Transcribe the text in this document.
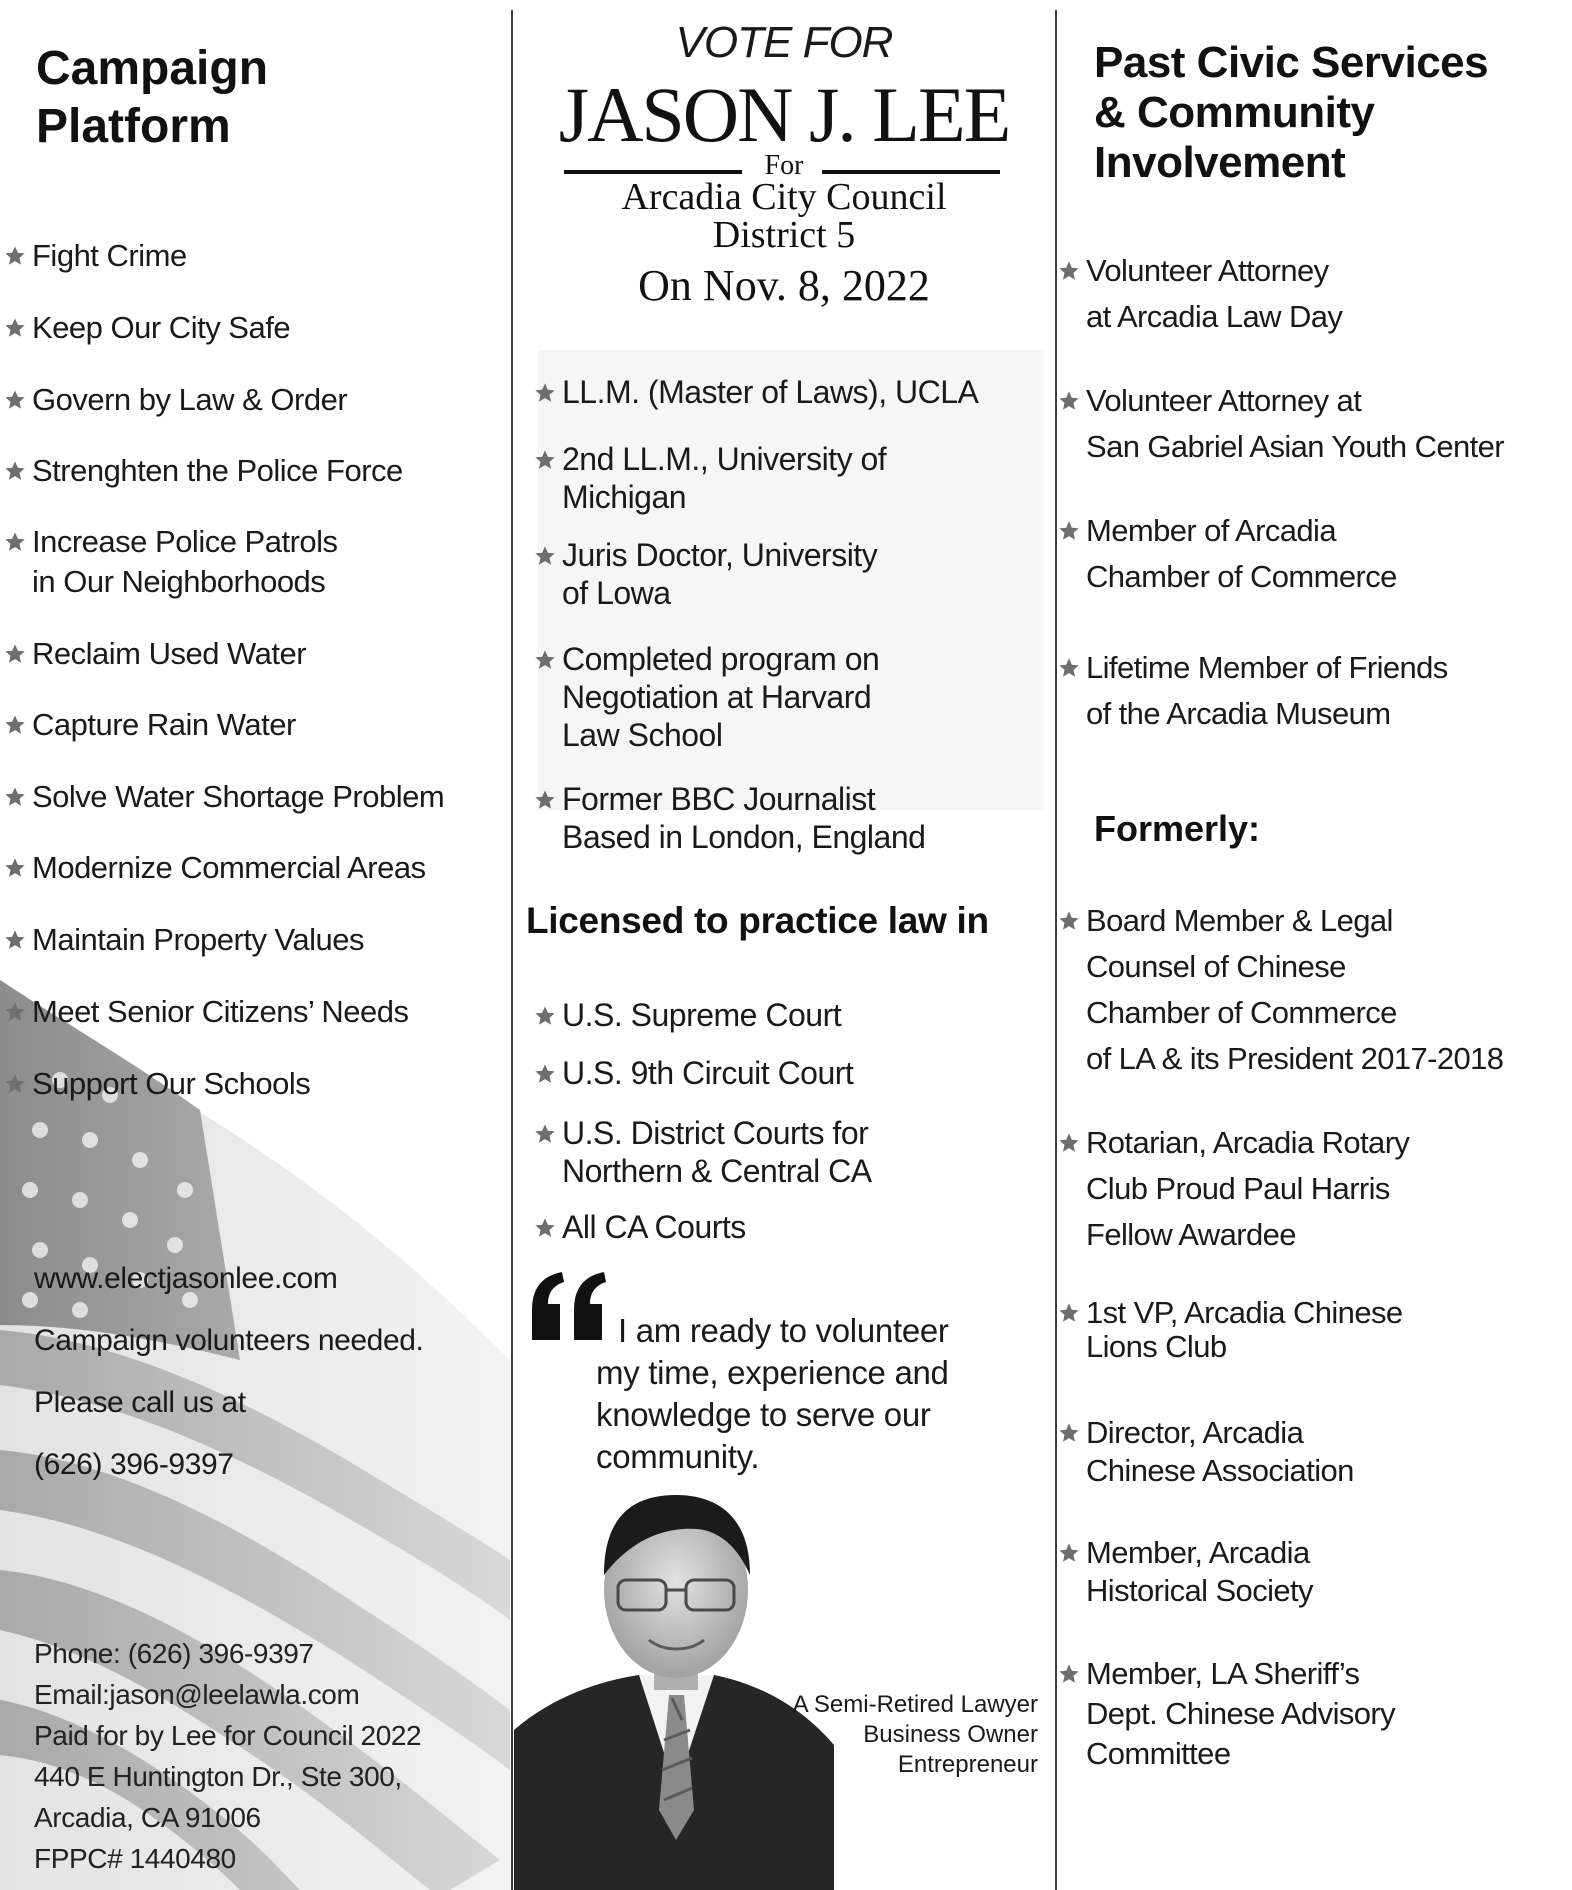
Campaign
Platform
Fight Crime
Keep Our City Safe
Govern by Law & Order
Strenghten the Police Force
Increase Police Patrols
in Our Neighborhoods
Reclaim Used Water
Capture Rain Water
Solve Water Shortage Problem
Modernize Commercial Areas
Maintain Property Values
Meet Senior Citizens’ Needs
Support Our Schools
www.electjasonlee.com
Campaign volunteers needed.
Please call us at
(626) 396-9397
Phone: (626) 396-9397
Email:jason@leelawla.com
Paid for by Lee for Council 2022
440 E Huntington Dr., Ste 300,
Arcadia, CA 91006
FPPC# 1440480
VOTE FOR
JASON J. LEE
For
Arcadia City Council
District 5
On Nov. 8, 2022
LL.M. (Master of Laws), UCLA
2nd LL.M., University of
Michigan
Juris Doctor, University
of Lowa
Completed program on
Negotiation at Harvard
Law School
Former BBC Journalist
Based in London, England
Licensed to practice law in
U.S. Supreme Court
U.S. 9th Circuit Court
U.S. District Courts for
Northern & Central CA
All CA Courts
I am ready to volunteer
my time, experience and
knowledge to serve our
community.
A Semi-Retired Lawyer
Business Owner
Entrepreneur
Past Civic Services
& Community
Involvement
Volunteer Attorney
at Arcadia Law Day
Volunteer Attorney at
San Gabriel Asian Youth Center
Member of Arcadia
Chamber of Commerce
Lifetime Member of Friends
of the Arcadia Museum
Formerly:
Board Member & Legal
Counsel of Chinese
Chamber of Commerce
of LA & its President 2017-2018
Rotarian, Arcadia Rotary
Club Proud Paul Harris
Fellow Awardee
1st VP, Arcadia Chinese
Lions Club
Director, Arcadia
Chinese Association
Member, Arcadia
Historical Society
Member, LA Sheriff’s
Dept. Chinese Advisory
Committee
